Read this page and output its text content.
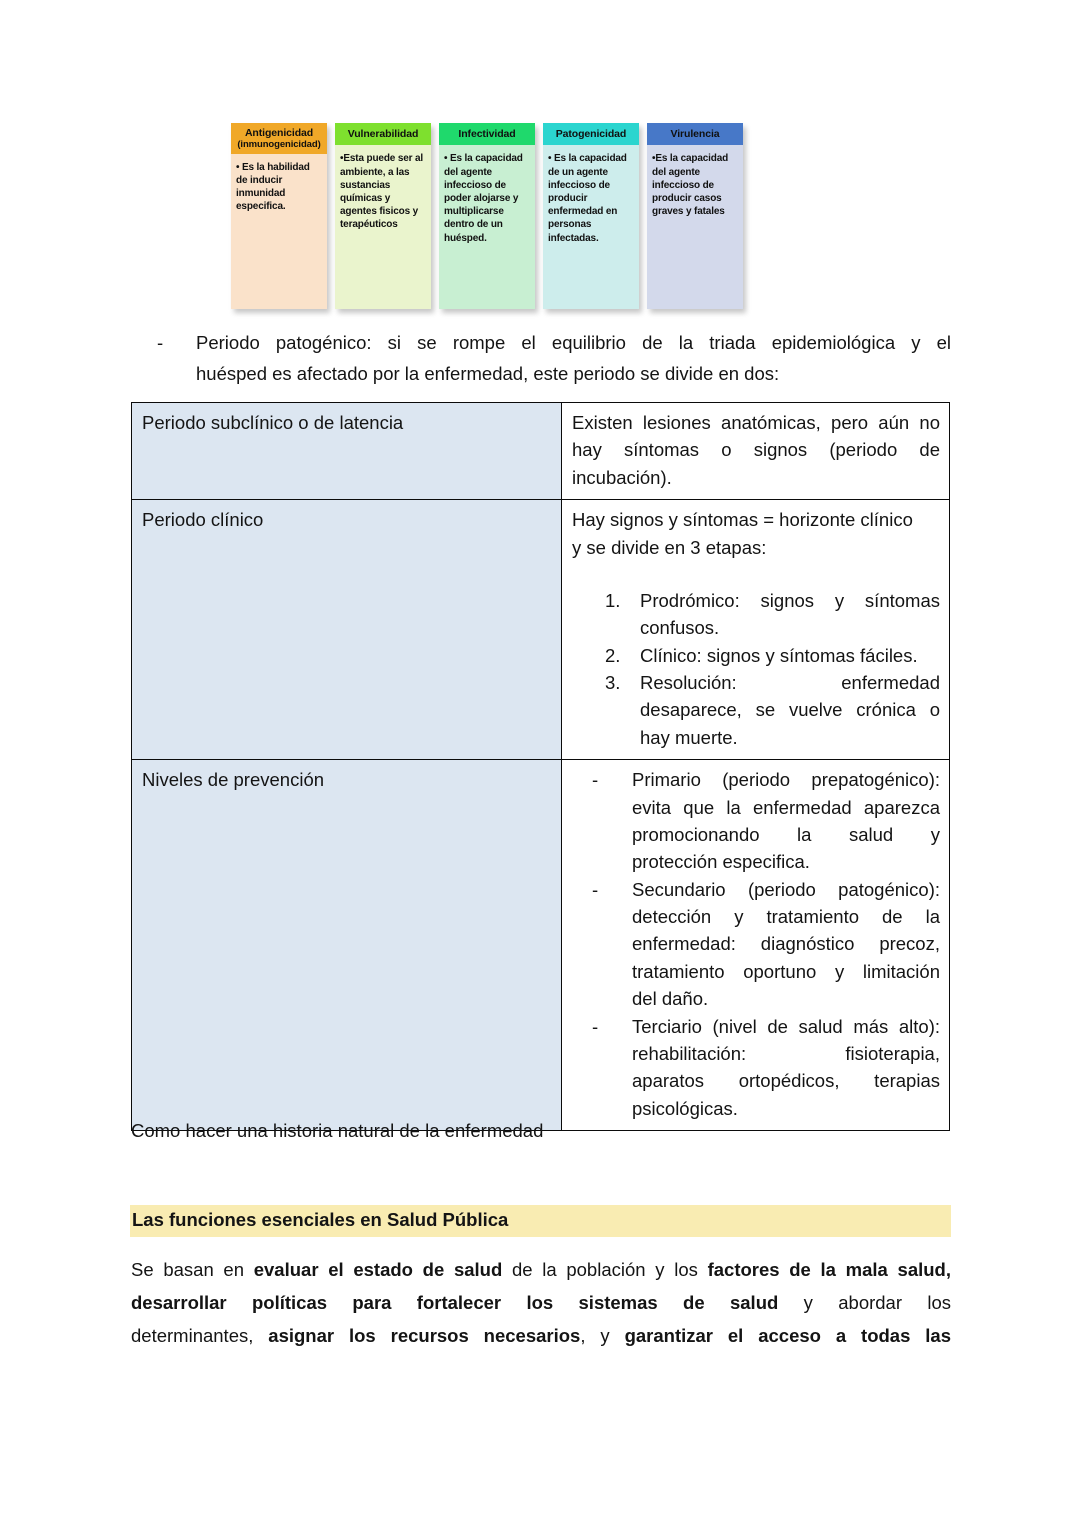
Antigenicidad
(inmunogenicidad)
• Es la habilidad de inducir inmunidad especifica.
Vulnerabilidad
•Esta puede ser al ambiente, a las sustancias químicas y agentes fisicos y terapéuticos
Infectividad
• Es la capacidad del agente infeccioso de poder alojarse y multiplicarse dentro de un huésped.
Patogenicidad
• Es la capacidad de un agente infeccioso de producir enfermedad en personas infectadas.
Virulencia
•Es la capacidad del agente infeccioso de producir casos graves y fatales
- Periodo patogénico: si se rompe el equilibrio de la triada epidemiológica y el
huésped es afectado por la enfermedad, este periodo se divide en dos:
Periodo subclínico o de latencia	Existen lesiones anatómicas, pero aún no
hay síntomas o signos (periodo de
incubación).

Periodo clínico	Hay signos y síntomas = horizonte clínico
y se divide en 3 etapas:
1. Prodrómico: signos y síntomas
confusos.
2. Clínico: signos y síntomas fáciles.
3. Resolución: enfermedad
desaparece, se vuelve crónica o
hay muerte.

Niveles de prevención	- Primario (periodo prepatogénico):
evita que la enfermedad aparezca
promocionando la salud y
protección especifica.
- Secundario (periodo patogénico):
detección y tratamiento de la
enfermedad: diagnóstico precoz,
tratamiento oportuno y limitación
del daño.
- Terciario (nivel de salud más alto):
rehabilitación: fisioterapia,
aparatos ortopédicos, terapias
psicológicas.
Como hacer una historia natural de la enfermedad
Las funciones esenciales en Salud Pública
Se basan en evaluar el estado de salud de la población y los factores de la mala salud,
desarrollar políticas para fortalecer los sistemas de salud y abordar los
determinantes, asignar los recursos necesarios, y garantizar el acceso a todas las
